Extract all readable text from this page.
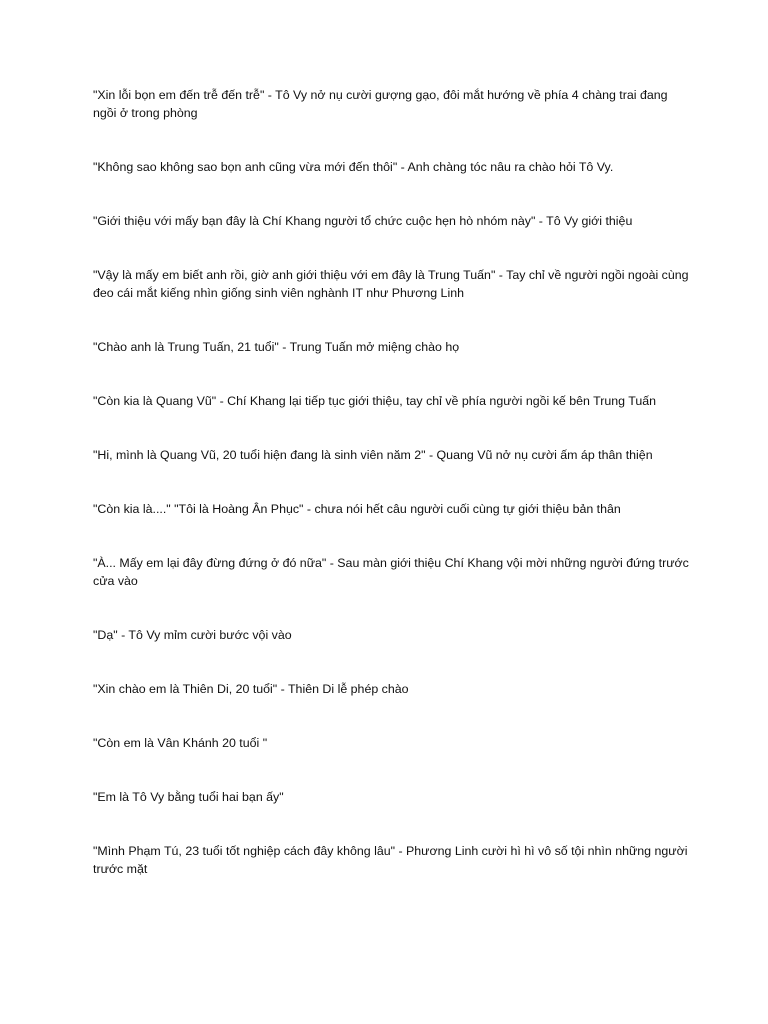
"Xin lỗi bọn em đến trễ đến trễ" - Tô Vy nở nụ cười gượng gạo, đôi mắt hướng về phía 4 chàng trai đang ngồi ở trong phòng

"Không sao không sao bọn anh cũng vừa mới đến thôi" - Anh chàng tóc nâu ra chào hỏi Tô Vy.

"Giới thiệu với mấy bạn đây là Chí Khang người tổ chức cuộc hẹn hò nhóm này" - Tô Vy giới thiệu

"Vậy là mấy em biết anh rồi, giờ anh giới thiệu với em đây là Trung Tuấn" - Tay chỉ về người ngồi ngoài cùng đeo cái mắt kiếng nhìn giống sinh viên nghành IT như Phương Linh

"Chào anh là Trung Tuấn, 21 tuổi" - Trung Tuấn mở miệng chào họ

"Còn kia là Quang Vũ" - Chí Khang lại tiếp tục giới thiệu, tay chỉ về phía người ngồi kế bên Trung Tuấn

"Hi, mình là Quang Vũ, 20 tuổi hiện đang là sinh viên năm 2" - Quang Vũ nở nụ cười ấm áp thân thiện

"Còn kia là...." "Tôi là Hoàng Ân Phục" - chưa nói hết câu người cuối cùng tự giới thiệu bản thân

"À... Mấy em lại đây đừng đứng ở đó nữa" - Sau màn giới thiệu Chí Khang vội mời những người đứng trước cửa vào

"Dạ" - Tô Vy mỉm cười bước vội vào

"Xin chào em là Thiên Di, 20 tuổi" - Thiên Di lễ phép chào

"Còn em là Vân Khánh 20 tuổi "

"Em là Tô Vy bằng tuổi hai bạn ấy"

"Mình Phạm Tú, 23 tuổi tốt nghiệp cách đây không lâu" - Phương Linh cười hì hì vô số tội nhìn những người trước mặt
